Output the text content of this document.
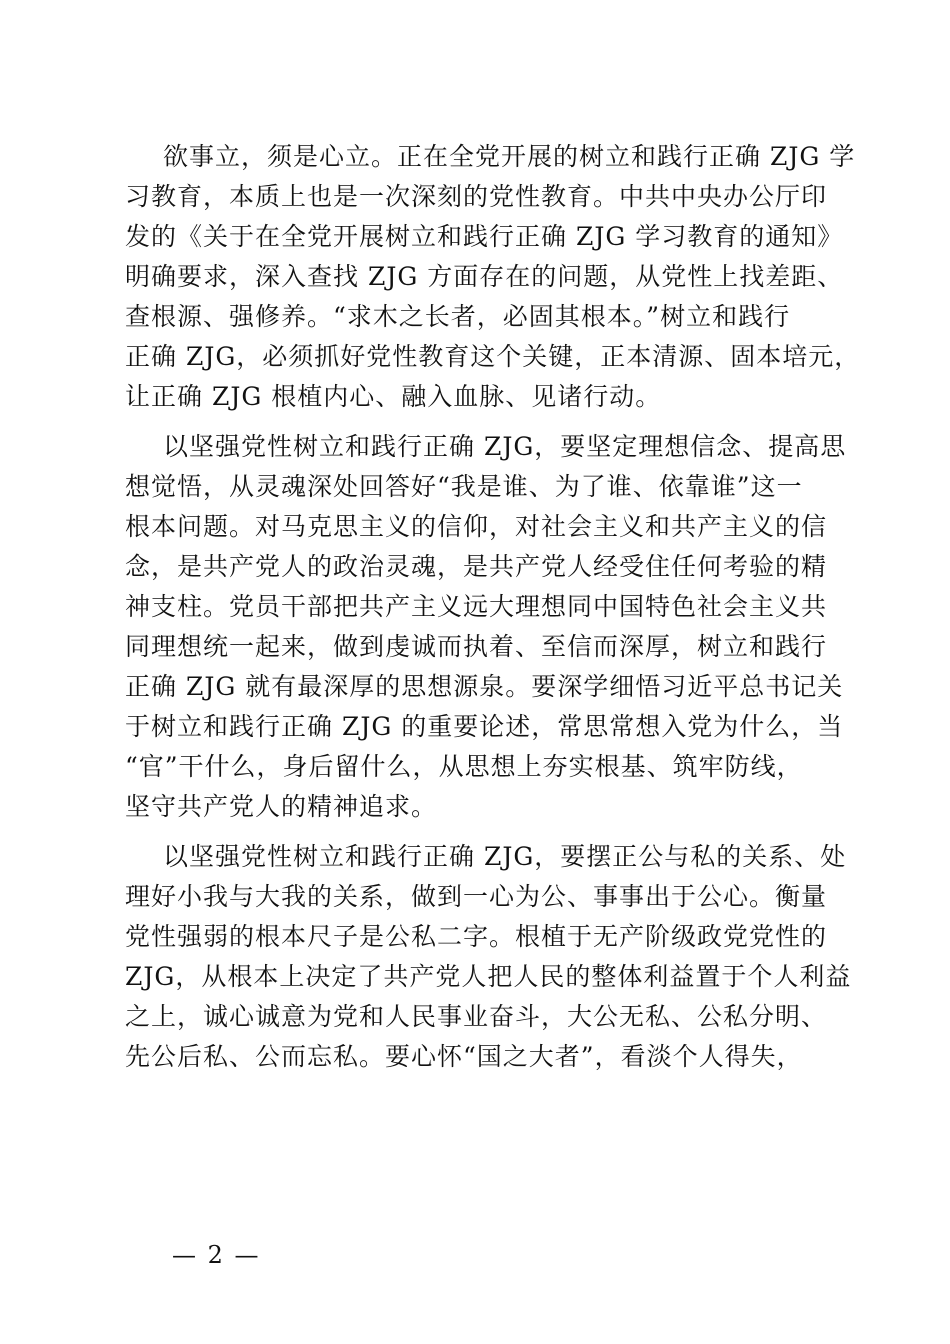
欲事立，须是心立。正在全党开展的树立和践行正确 ZJG 学
习教育，本质上也是一次深刻的党性教育。中共中央办公厅印
发的《关于在全党开展树立和践行正确 ZJG 学习教育的通知》
明确要求，深入查找 ZJG 方面存在的问题，从党性上找差距、
查根源、强修养。“求木之长者，必固其根本。”树立和践行
正确 ZJG，必须抓好党性教育这个关键，正本清源、固本培元，
让正确 ZJG 根植内心、融入血脉、见诸行动。
以坚强党性树立和践行正确 ZJG，要坚定理想信念、提高思
想觉悟，从灵魂深处回答好“我是谁、为了谁、依靠谁”这一
根本问题。对马克思主义的信仰，对社会主义和共产主义的信
念，是共产党人的政治灵魂，是共产党人经受住任何考验的精
神支柱。党员干部把共产主义远大理想同中国特色社会主义共
同理想统一起来，做到虔诚而执着、至信而深厚，树立和践行
正确 ZJG 就有最深厚的思想源泉。要深学细悟习近平总书记关
于树立和践行正确 ZJG 的重要论述，常思常想入党为什么，当
“官”干什么，身后留什么，从思想上夯实根基、筑牢防线，
坚守共产党人的精神追求。
以坚强党性树立和践行正确 ZJG，要摆正公与私的关系、处
理好小我与大我的关系，做到一心为公、事事出于公心。衡量
党性强弱的根本尺子是公私二字。根植于无产阶级政党党性的
ZJG，从根本上决定了共产党人把人民的整体利益置于个人利益
之上，诚心诚意为党和人民事业奋斗，大公无私、公私分明、
先公后私、公而忘私。要心怀“国之大者”，看淡个人得失，
— 2 —
